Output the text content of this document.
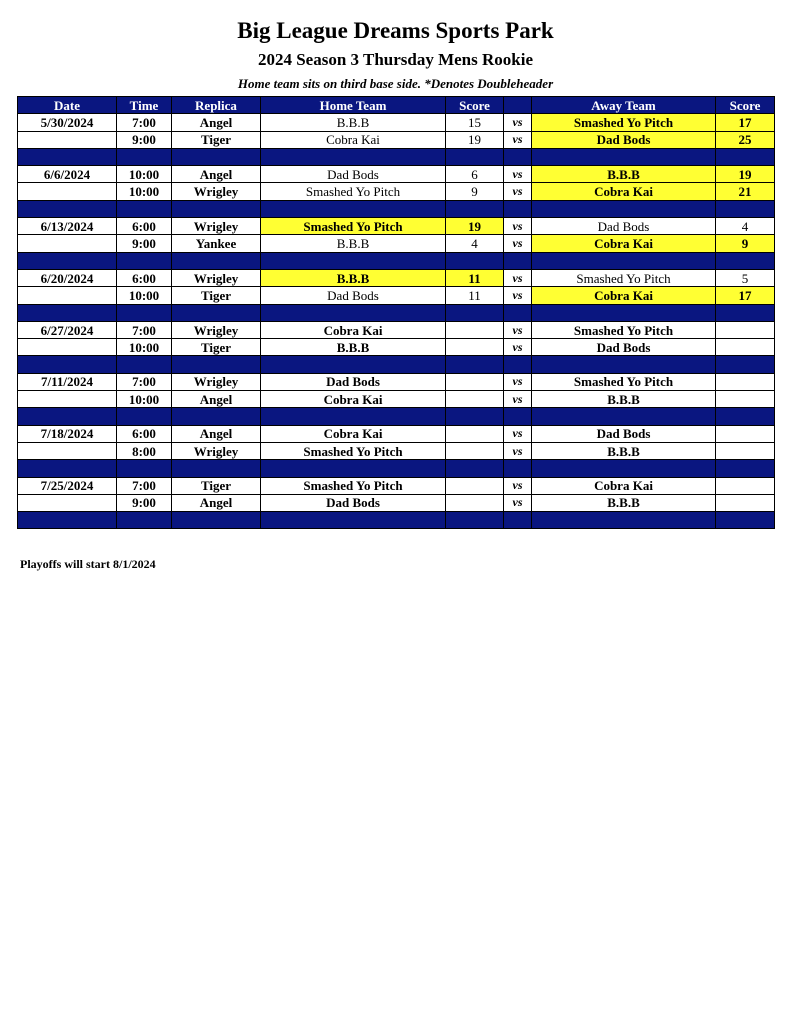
Big League Dreams Sports Park
2024 Season 3 Thursday Mens Rookie
Home team sits on third base side. *Denotes Doubleheader
Date	Time	Replica	Home Team	Score		Away Team	Score
5/30/2024	7:00	Angel	B.B.B	15	vs	Smashed Yo Pitch	17
	9:00	Tiger	Cobra Kai	19	vs	Dad Bods	25

6/6/2024	10:00	Angel	Dad Bods	6	vs	B.B.B	19
	10:00	Wrigley	Smashed Yo Pitch	9	vs	Cobra Kai	21

6/13/2024	6:00	Wrigley	Smashed Yo Pitch	19	vs	Dad Bods	4
	9:00	Yankee	B.B.B	4	vs	Cobra Kai	9

6/20/2024	6:00	Wrigley	B.B.B	11	vs	Smashed Yo Pitch	5
	10:00	Tiger	Dad Bods	11	vs	Cobra Kai	17

6/27/2024	7:00	Wrigley	Cobra Kai		vs	Smashed Yo Pitch	
	10:00	Tiger	B.B.B		vs	Dad Bods	

7/11/2024	7:00	Wrigley	Dad Bods		vs	Smashed Yo Pitch	
	10:00	Angel	Cobra Kai		vs	B.B.B	

7/18/2024	6:00	Angel	Cobra Kai		vs	Dad Bods	
	8:00	Wrigley	Smashed Yo Pitch		vs	B.B.B	

7/25/2024	7:00	Tiger	Smashed Yo Pitch		vs	Cobra Kai	
	9:00	Angel	Dad Bods		vs	B.B.B	

Playoffs will start 8/1/2024
